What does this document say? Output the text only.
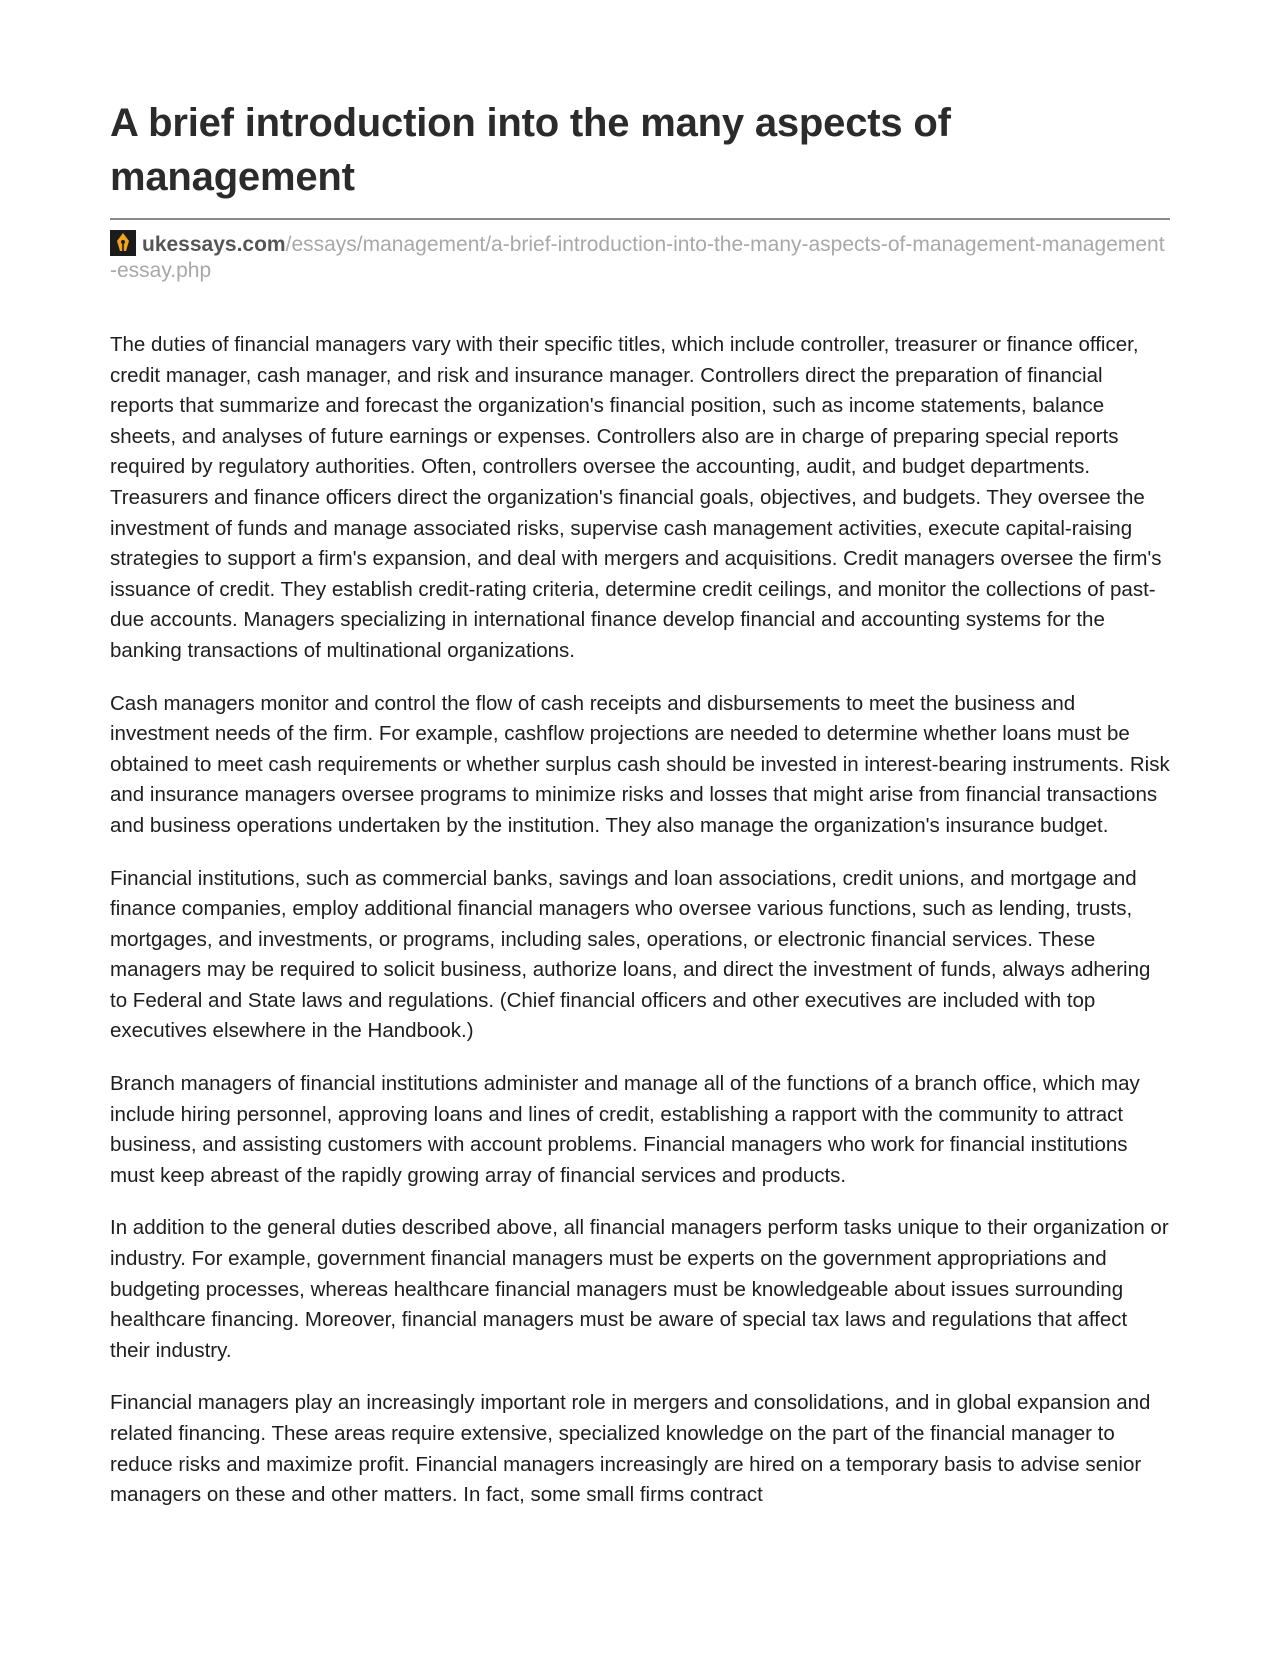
A brief introduction into the many aspects of management
ukessays.com/essays/management/a-brief-introduction-into-the-many-aspects-of-management-management-essay.php

The duties of financial managers vary with their specific titles, which include controller, treasurer or finance officer, credit manager, cash manager, and risk and insurance manager. Controllers direct the preparation of financial reports that summarize and forecast the organization's financial position, such as income statements, balance sheets, and analyses of future earnings or expenses. Controllers also are in charge of preparing special reports required by regulatory authorities. Often, controllers oversee the accounting, audit, and budget departments. Treasurers and finance officers direct the organization's financial goals, objectives, and budgets. They oversee the investment of funds and manage associated risks, supervise cash management activities, execute capital-raising strategies to support a firm's expansion, and deal with mergers and acquisitions. Credit managers oversee the firm's issuance of credit. They establish credit-rating criteria, determine credit ceilings, and monitor the collections of past-due accounts. Managers specializing in international finance develop financial and accounting systems for the banking transactions of multinational organizations.

Cash managers monitor and control the flow of cash receipts and disbursements to meet the business and investment needs of the firm. For example, cashflow projections are needed to determine whether loans must be obtained to meet cash requirements or whether surplus cash should be invested in interest-bearing instruments. Risk and insurance managers oversee programs to minimize risks and losses that might arise from financial transactions and business operations undertaken by the institution. They also manage the organization's insurance budget.

Financial institutions, such as commercial banks, savings and loan associations, credit unions, and mortgage and finance companies, employ additional financial managers who oversee various functions, such as lending, trusts, mortgages, and investments, or programs, including sales, operations, or electronic financial services. These managers may be required to solicit business, authorize loans, and direct the investment of funds, always adhering to Federal and State laws and regulations. (Chief financial officers and other executives are included with top executives elsewhere in the Handbook.)

Branch managers of financial institutions administer and manage all of the functions of a branch office, which may include hiring personnel, approving loans and lines of credit, establishing a rapport with the community to attract business, and assisting customers with account problems. Financial managers who work for financial institutions must keep abreast of the rapidly growing array of financial services and products.

In addition to the general duties described above, all financial managers perform tasks unique to their organization or industry. For example, government financial managers must be experts on the government appropriations and budgeting processes, whereas healthcare financial managers must be knowledgeable about issues surrounding healthcare financing. Moreover, financial managers must be aware of special tax laws and regulations that affect their industry.

Financial managers play an increasingly important role in mergers and consolidations, and in global expansion and related financing. These areas require extensive, specialized knowledge on the part of the financial manager to reduce risks and maximize profit. Financial managers increasingly are hired on a temporary basis to advise senior managers on these and other matters. In fact, some small firms contract
